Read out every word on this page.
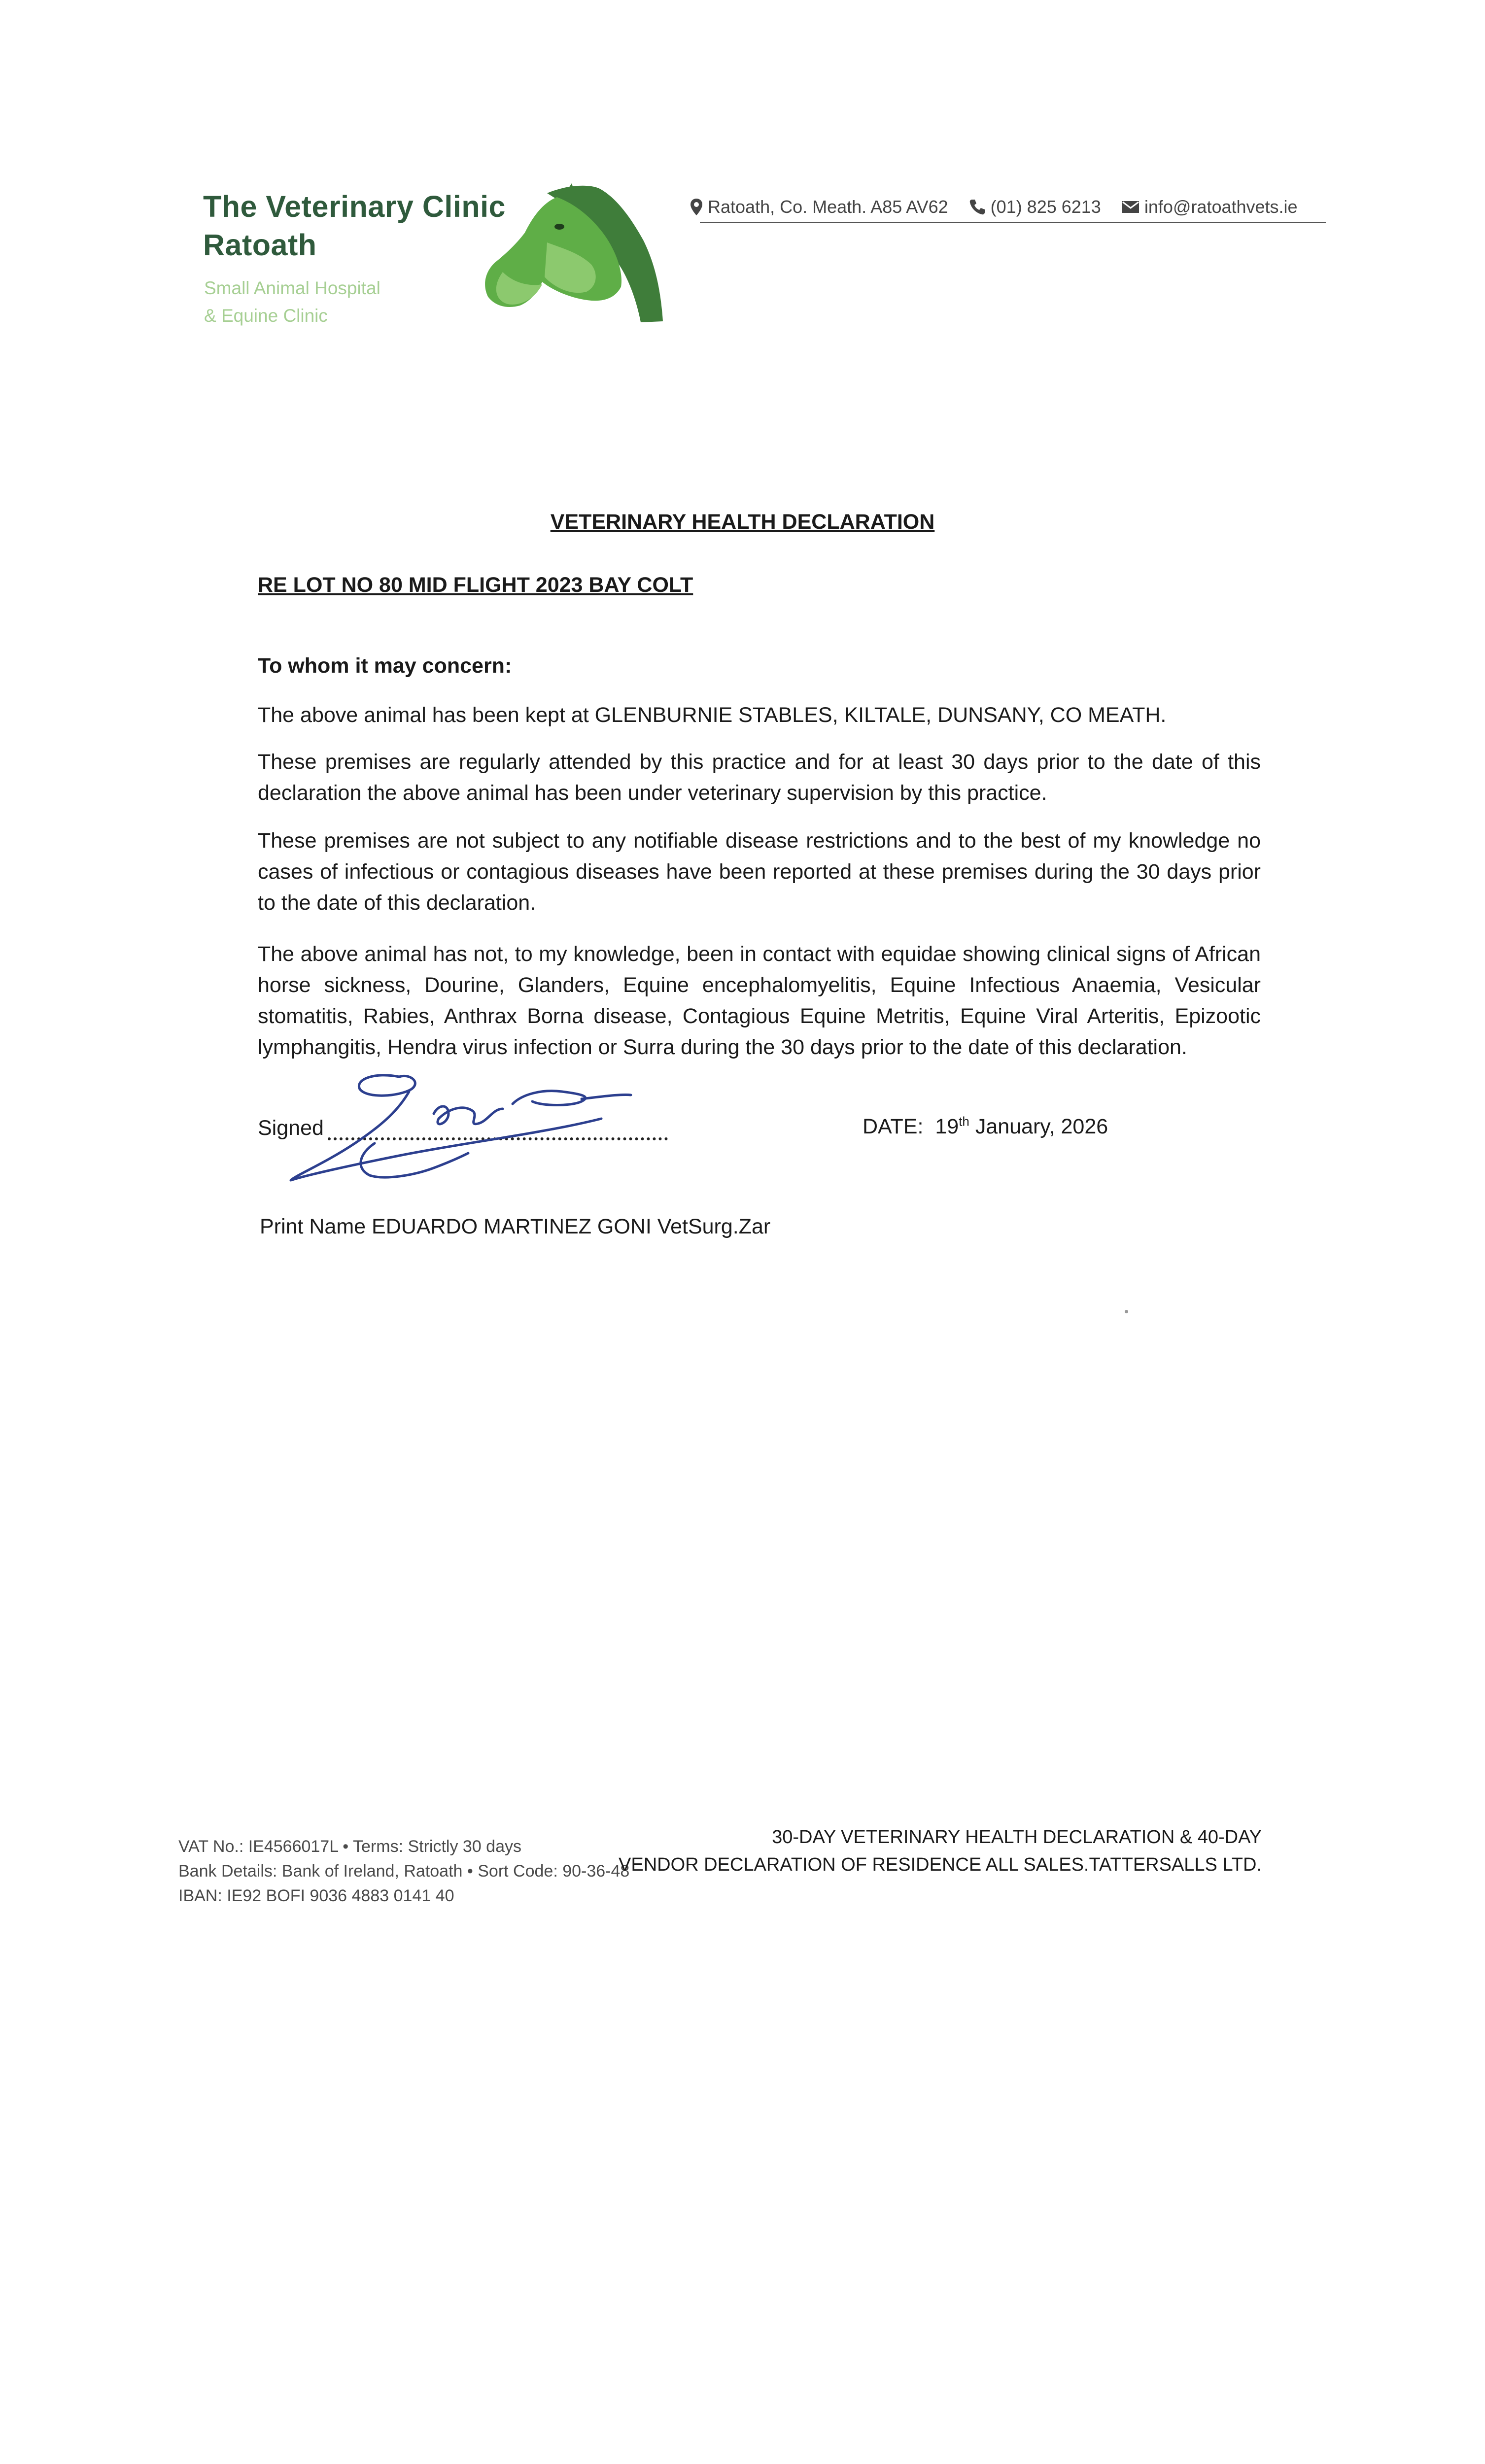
The Veterinary Clinic
Ratoath
Small Animal Hospital
& Equine Clinic
Ratoath, Co. Meath. A85 AV62 (01) 825 6213 info@ratoathvets.ie
VETERINARY HEALTH DECLARATION
RE LOT NO 80 MID FLIGHT 2023 BAY COLT
To whom it may concern:
The above animal has been kept at GLENBURNIE STABLES, KILTALE, DUNSANY, CO MEATH.
These premises are regularly attended by this practice and for at least 30 days prior to the date of this declaration the above animal has been under veterinary supervision by this practice.
These premises are not subject to any notifiable disease restrictions and to the best of my knowledge no cases of infectious or contagious diseases have been reported at these premises during the 30 days prior to the date of this declaration.
The above animal has not, to my knowledge, been in contact with equidae showing clinical signs of African horse sickness, Dourine, Glanders, Equine encephalomyelitis, Equine Infectious Anaemia, Vesicular stomatitis, Rabies, Anthrax Borna disease, Contagious Equine Metritis, Equine Viral Arteritis, Epizootic lymphangitis, Hendra virus infection or Surra during the 30 days prior to the date of this declaration.
Signed	DATE: 19th January, 2026
Print Name EDUARDO MARTINEZ GONI VetSurg.Zar
VAT No.: IE4566017L • Terms: Strictly 30 days
Bank Details: Bank of Ireland, Ratoath • Sort Code: 90-36-48
IBAN: IE92 BOFI 9036 4883 0141 40
30-DAY VETERINARY HEALTH DECLARATION & 40-DAY
VENDOR DECLARATION OF RESIDENCE ALL SALES.TATTERSALLS LTD.
